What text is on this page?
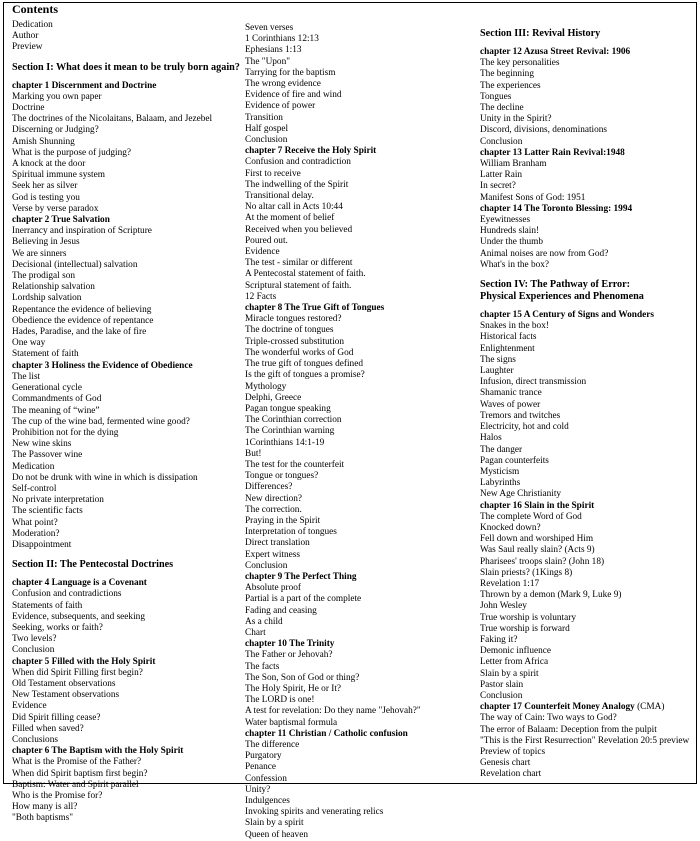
Contents
Dedication
Author
Preview
Section I: What does it mean to be truly born again?
chapter 1 Discernment and Doctrine
Marking you own paper
Doctrine
The doctrines of the Nicolaitans, Balaam, and Jezebel
Discerning or Judging?
Amish Shunning
What is the purpose of judging?
A knock at the door
Spiritual immune system
Seek her as silver
God is testing you
Verse by verse paradox
chapter 2 True Salvation
Inerrancy and inspiration of Scripture
Believing in Jesus
We are sinners
Decisional (intellectual) salvation
The prodigal son
Relationship salvation
Lordship salvation
Repentance the evidence of believing
Obedience the evidence of repentance
Hades, Paradise, and the lake of fire
One way
Statement of faith
chapter 3 Holiness the Evidence of Obedience
The list
Generational cycle
Commandments of God
The meaning of “wine”
The cup of the wine bad, fermented wine good?
Prohibition not for the dying
New wine skins
The Passover wine
Medication
Do not be drunk with wine in which is dissipation
Self-control
No private interpretation
The scientific facts
What point?
Moderation?
Disappointment
Section II: The Pentecostal Doctrines
chapter 4 Language is a Covenant
Confusion and contradictions
Statements of faith
Evidence, subsequents, and seeking
Seeking, works or faith?
Two levels?
Conclusion
chapter 5 Filled with the Holy Spirit
When did Spirit Filling first begin?
Old Testament observations
New Testament observations
Evidence
Did Spirit filling cease?
Filled when saved?
Conclusions
chapter 6 The Baptism with the Holy Spirit
What is the Promise of the Father?
When did Spirit baptism first begin?
Baptism: Water and Spirit parallel
Who is the Promise for?
How many is all?
"Both baptisms"
Seven verses
1 Corinthians 12:13
Ephesians 1:13
The "Upon"
Tarrying for the baptism
The wrong evidence
Evidence of fire and wind
Evidence of power
Transition
Half gospel
Conclusion
chapter 7 Receive the Holy Spirit
Confusion and contradiction
First to receive
The indwelling of the Spirit
Transitional delay.
No altar call in Acts 10:44
At the moment of belief
Received when you believed
Poured out.
Evidence
The test - similar or different
A Pentecostal statement of faith.
Scriptural statement of faith.
12 Facts
chapter 8 The True Gift of Tongues
Miracle tongues restored?
The doctrine of tongues
Triple-crossed substitution
The wonderful works of God
The true gift of tongues defined
Is the gift of tongues a promise?
Mythology
Delphi, Greece
Pagan tongue speaking
The Corinthian correction
The Corinthian warning
1Corinthians 14:1-19
But!
The test for the counterfeit
Tongue or tongues?
Differences?
New direction?
The correction.
Praying in the Spirit
Interpretation of tongues
Direct translation
Expert witness
Conclusion
chapter 9 The Perfect Thing
Absolute proof
Partial is a part of the complete
Fading and ceasing
As a child
Chart
chapter 10 The Trinity
The Father or Jehovah?
The facts
The Son, Son of God or thing?
The Holy Spirit, He or It?
The LORD is one!
A test for revelation: Do they name "Jehovah?"
Water baptismal formula
chapter 11 Christian / Catholic confusion
The difference
Purgatory
Penance
Confession
Unity?
Indulgences
Invoking spirits and venerating relics
Slain by a spirit
Queen of heaven
Section III: Revival History
chapter 12 Azusa Street Revival: 1906
The key personalities
The beginning
The experiences
Tongues
The decline
Unity in the Spirit?
Discord, divisions, denominations
Conclusion
chapter 13 Latter Rain Revival:1948
William Branham
Latter Rain
In secret?
Manifest Sons of God: 1951
chapter 14 The Toronto Blessing: 1994
Eyewitnesses
Hundreds slain!
Under the thumb
Animal noises are now from God?
What's in the box?
Section IV: The Pathway of Error:
Physical Experiences and Phenomena
chapter 15 A Century of Signs and Wonders
Snakes in the box!
Historical facts
Enlightenment
The signs
Laughter
Infusion, direct transmission
Shamanic trance
Waves of power
Tremors and twitches
Electricity, hot and cold
Halos
The danger
Pagan counterfeits
Mysticism
Labyrinths
New Age Christianity
chapter 16 Slain in the Spirit
The complete Word of God
Knocked down?
Fell down and worshiped Him
Was Saul really slain? (Acts 9)
Pharisees' troops slain? (John 18)
Slain priests? (1Kings 8)
Revelation 1:17
Thrown by a demon (Mark 9, Luke 9)
John Wesley
True worship is voluntary
True worship is forward
Faking it?
Demonic influence
Letter from Africa
Slain by a spirit
Pastor slain
Conclusion
chapter 17 Counterfeit Money Analogy (CMA)
The way of Cain: Two ways to God?
The error of Balaam: Deception from the pulpit
"This is the First Resurrection" Revelation 20:5 preview
Preview of topics
Genesis chart
Revelation chart
